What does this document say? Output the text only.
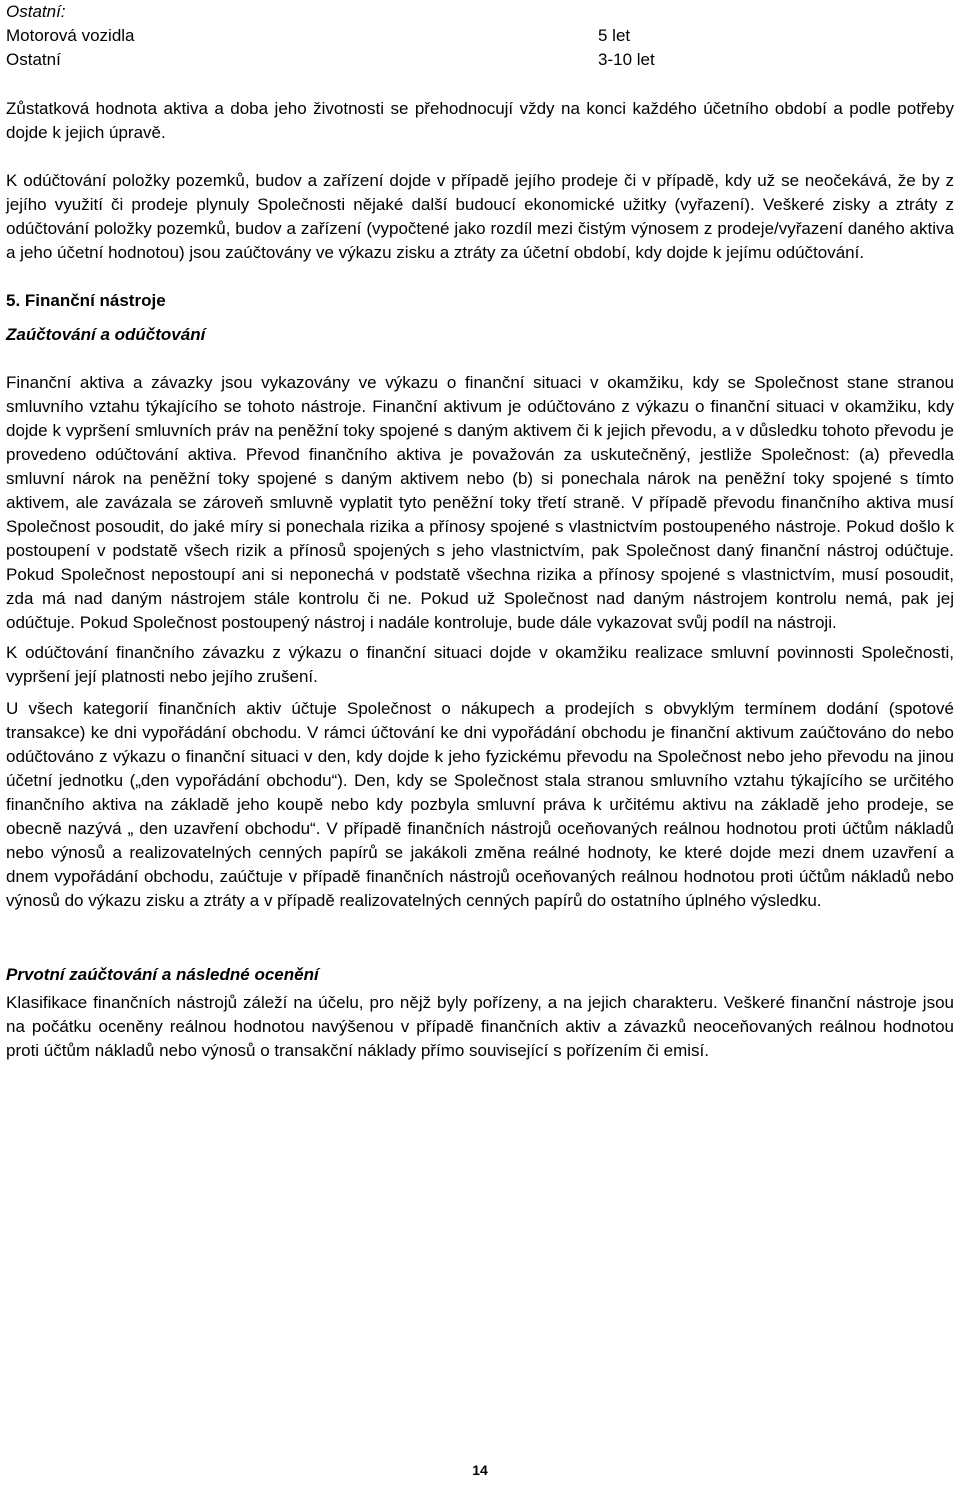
Ostatní:

Motorová vozidla	5 let
Ostatní	3-10 let

Zůstatková hodnota aktiva a doba jeho životnosti se přehodnocují vždy na konci každého účetního období a podle potřeby dojde k jejich úpravě.

K odúčtování položky pozemků, budov a zařízení dojde v případě jejího prodeje či v případě, kdy už se neočekává, že by z jejího využití či prodeje plynuly Společnosti nějaké další budoucí ekonomické užitky (vyřazení). Veškeré zisky a ztráty z odúčtování položky pozemků, budov a zařízení (vypočtené jako rozdíl mezi čistým výnosem z prodeje/vyřazení daného aktiva a jeho účetní hodnotou) jsou zaúčtovány ve výkazu zisku a ztráty za účetní období, kdy dojde k jejímu odúčtování.

5. Finanční nástroje

Zaúčtování a odúčtování

Finanční aktiva a závazky jsou vykazovány ve výkazu o finanční situaci v okamžiku, kdy se Společnost stane stranou smluvního vztahu týkajícího se tohoto nástroje. Finanční aktivum je odúčtováno z výkazu o finanční situaci v okamžiku, kdy dojde k vypršení smluvních práv na peněžní toky spojené s daným aktivem či k jejich převodu, a v důsledku tohoto převodu je provedeno odúčtování aktiva. Převod finančního aktiva je považován za uskutečněný, jestliže Společnost: (a) převedla smluvní nárok na peněžní toky spojené s daným aktivem nebo (b) si ponechala nárok na peněžní toky spojené s tímto aktivem, ale zavázala se zároveň smluvně vyplatit tyto peněžní toky třetí straně. V případě převodu finančního aktiva musí Společnost posoudit, do jaké míry si ponechala rizika a přínosy spojené s vlastnictvím postoupeného nástroje. Pokud došlo k postoupení v podstatě všech rizik a přínosů spojených s jeho vlastnictvím, pak Společnost daný finanční nástroj odúčtuje. Pokud Společnost nepostoupí ani si neponechá v podstatě všechna rizika a přínosy spojené s vlastnictvím, musí posoudit, zda má nad daným nástrojem stále kontrolu či ne. Pokud už Společnost nad daným nástrojem kontrolu nemá, pak jej odúčtuje. Pokud Společnost postoupený nástroj i nadále kontroluje, bude dále vykazovat svůj podíl na nástroji.

K odúčtování finančního závazku z výkazu o finanční situaci dojde v okamžiku realizace smluvní povinnosti Společnosti, vypršení její platnosti nebo jejího zrušení.

U všech kategorií finančních aktiv účtuje Společnost o nákupech a prodejích s obvyklým termínem dodání (spotové transakce) ke dni vypořádání obchodu. V rámci účtování ke dni vypořádání obchodu je finanční aktivum zaúčtováno do nebo odúčtováno z výkazu o finanční situaci v den, kdy dojde k jeho fyzickému převodu na Společnost nebo jeho převodu na jinou účetní jednotku („den vypořádání obchodu“). Den, kdy se Společnost stala stranou smluvního vztahu týkajícího se určitého finančního aktiva na základě jeho koupě nebo kdy pozbyla smluvní práva k určitému aktivu na základě jeho prodeje, se obecně nazývá „ den uzavření obchodu“. V případě finančních nástrojů oceňovaných reálnou hodnotou proti účtům nákladů nebo výnosů a realizovatelných cenných papírů se jakákoli změna reálné hodnoty, ke které dojde mezi dnem uzavření a dnem vypořádání obchodu, zaúčtuje v případě finančních nástrojů oceňovaných reálnou hodnotou proti účtům nákladů nebo výnosů do výkazu zisku a ztráty a v případě realizovatelných cenných papírů do ostatního úplného výsledku.

Prvotní zaúčtování a následné ocenění

Klasifikace finančních nástrojů záleží na účelu, pro nějž byly pořízeny, a na jejich charakteru. Veškeré finanční nástroje jsou na počátku oceněny reálnou hodnotou navýšenou v případě finančních aktiv a závazků neoceňovaných reálnou hodnotou proti účtům nákladů nebo výnosů o transakční náklady přímo související s pořízením či emisí.

14
